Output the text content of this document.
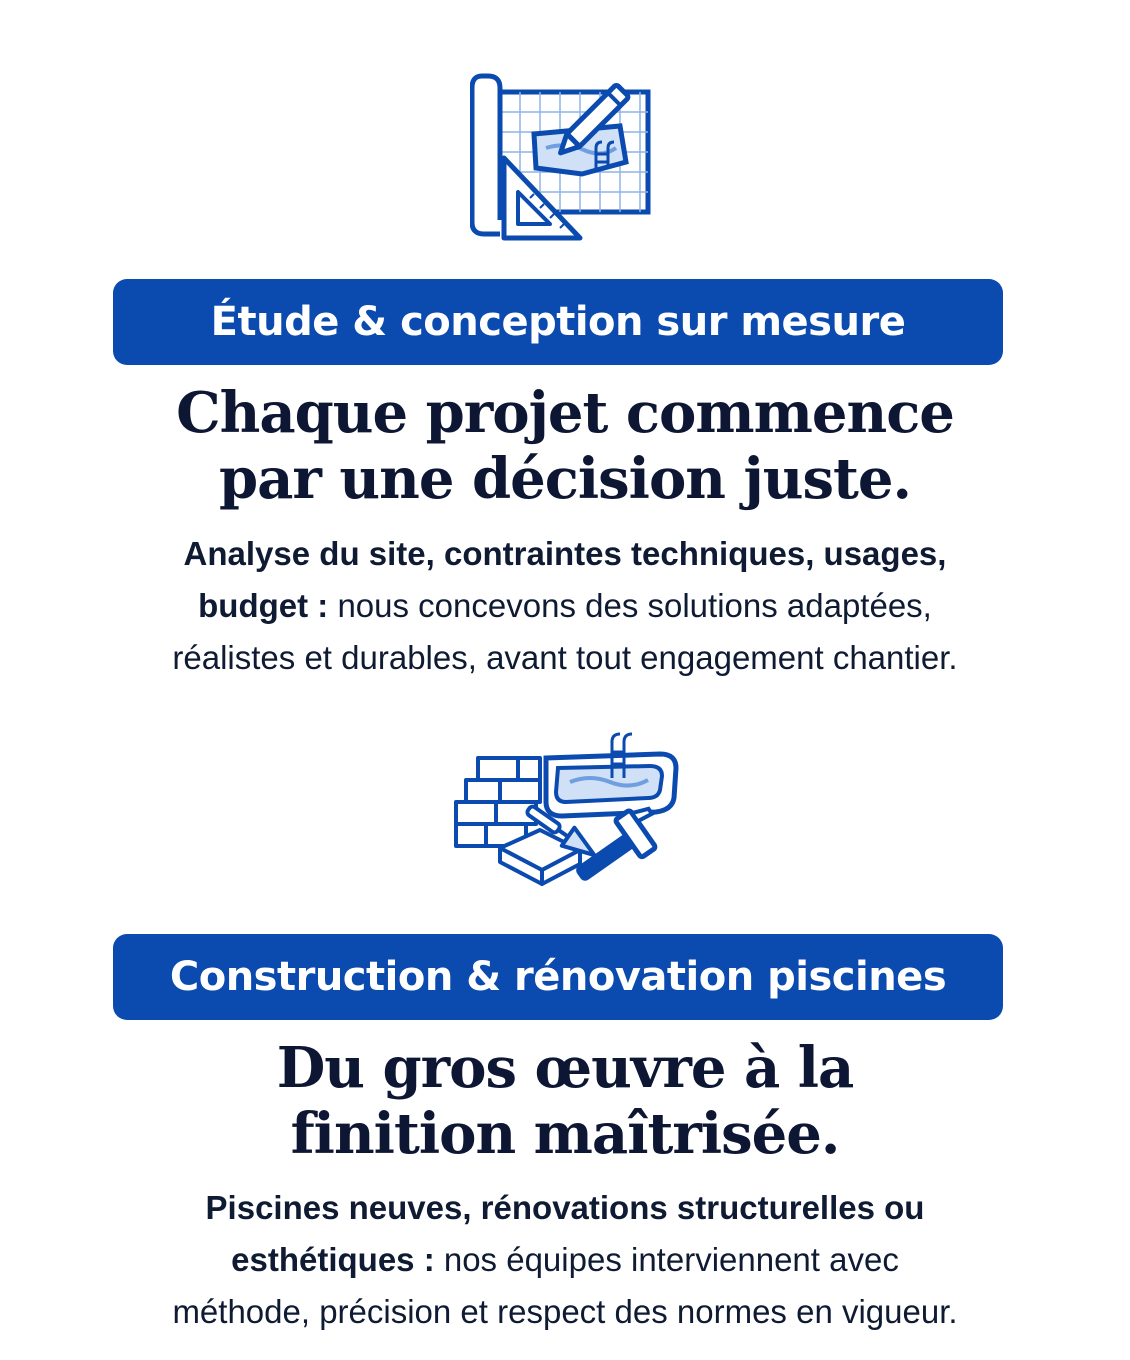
Étude & conception sur mesure
Chaque projet commence
par une décision juste.
Analyse du site, contraintes techniques, usages,
budget : nous concevons des solutions adaptées,
réalistes et durables, avant tout engagement chantier.
Construction & rénovation piscines
Du gros œuvre à la
finition maîtrisée.
Piscines neuves, rénovations structurelles ou
esthétiques : nos équipes interviennent avec
méthode, précision et respect des normes en vigueur.
